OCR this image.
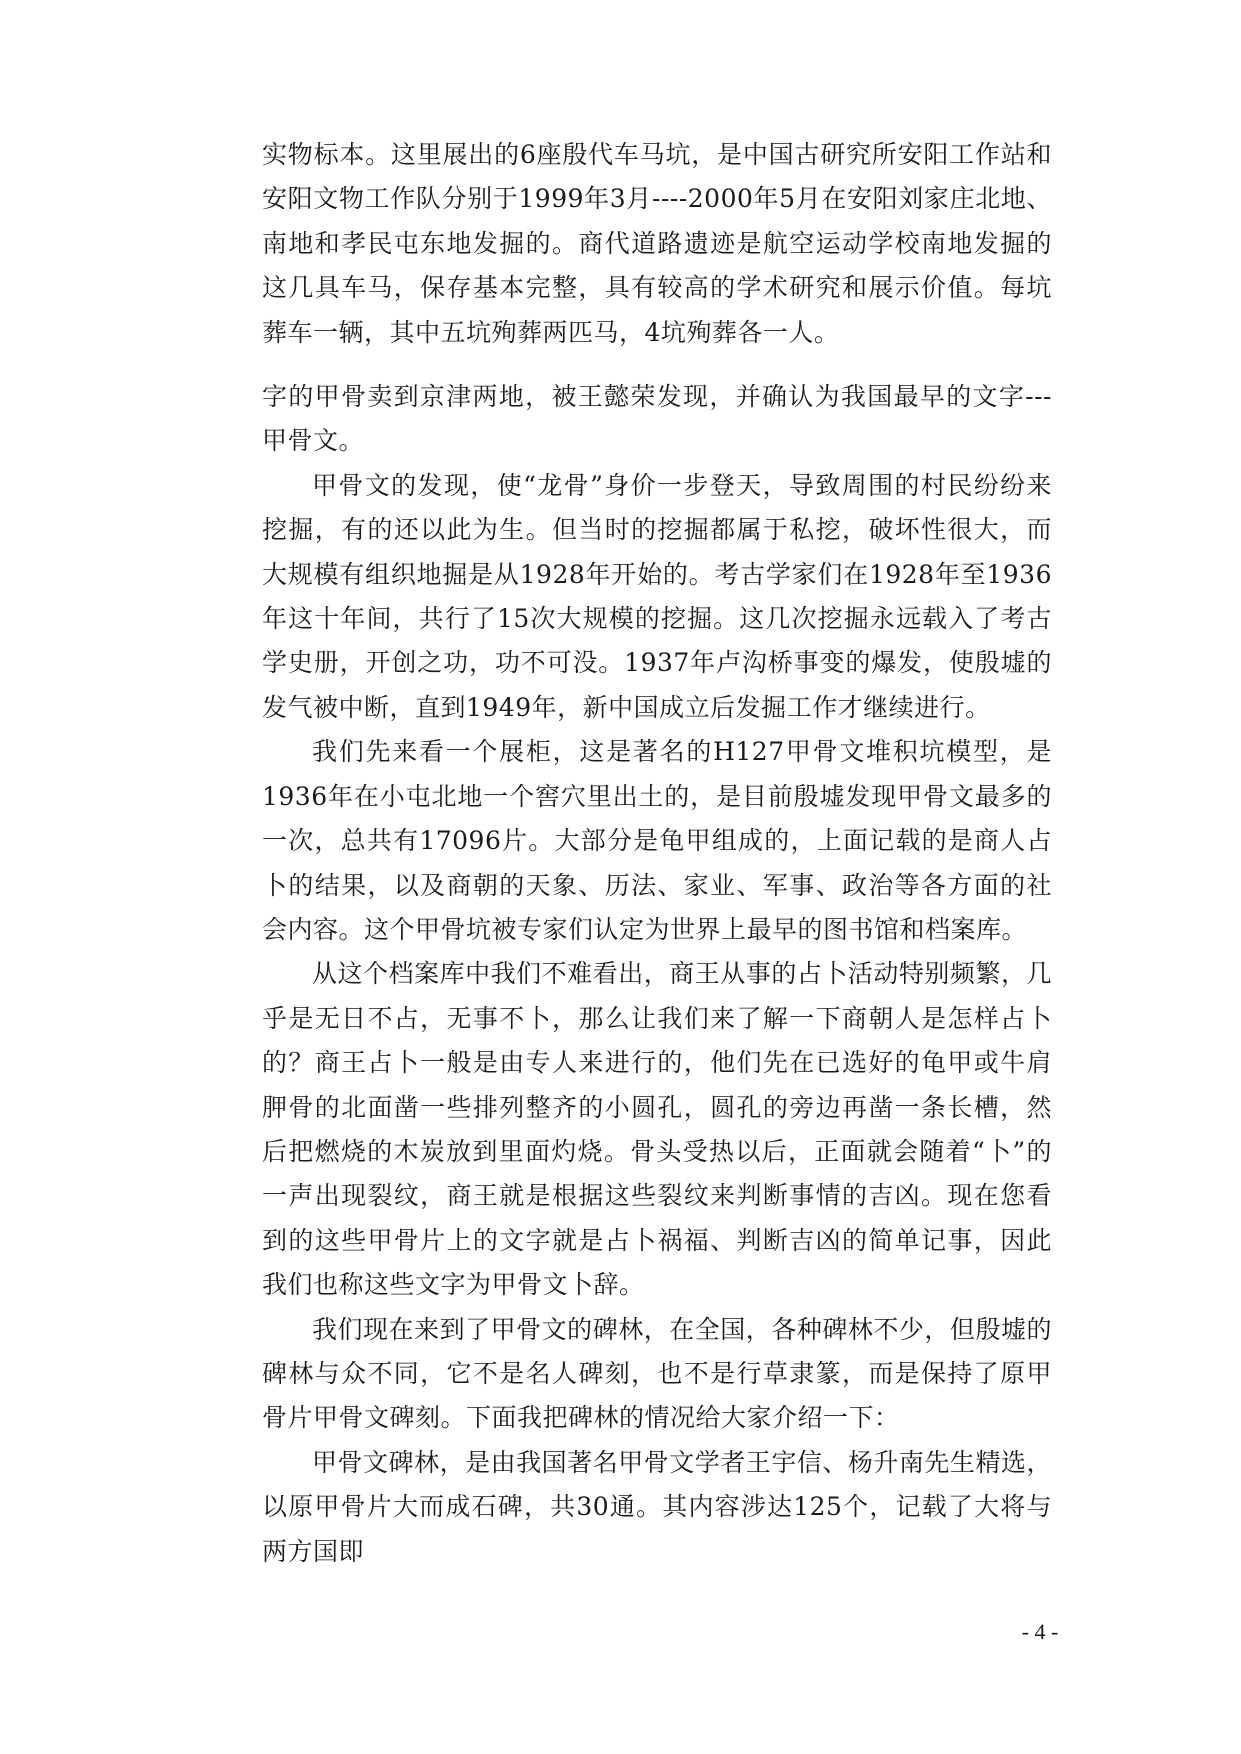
实物标本。这里展出的6座殷代车马坑，是中国古研究所安阳工作站和安阳文物工作队分别于1999年3月----2000年5月在安阳刘家庄北地、南地和孝民屯东地发掘的。商代道路遗迹是航空运动学校南地发掘的这几具车马，保存基本完整，具有较高的学术研究和展示价值。每坑葬车一辆，其中五坑殉葬两匹马，4坑殉葬各一人。

字的甲骨卖到京津两地，被王懿荣发现，并确认为我国最早的文字---甲骨文。

甲骨文的发现，使“龙骨”身价一步登天，导致周围的村民纷纷来挖掘，有的还以此为生。但当时的挖掘都属于私挖，破坏性很大，而大规模有组织地掘是从1928年开始的。考古学家们在1928年至1936年这十年间，共行了15次大规模的挖掘。这几次挖掘永远载入了考古学史册，开创之功，功不可没。1937年卢沟桥事变的爆发，使殷墟的发气被中断，直到1949年，新中国成立后发掘工作才继续进行。

我们先来看一个展柜，这是著名的H127甲骨文堆积坑模型，是1936年在小屯北地一个窖穴里出土的，是目前殷墟发现甲骨文最多的一次，总共有17096片。大部分是龟甲组成的，上面记载的是商人占卜的结果，以及商朝的天象、历法、家业、军事、政治等各方面的社会内容。这个甲骨坑被专家们认定为世界上最早的图书馆和档案库。

从这个档案库中我们不难看出，商王从事的占卜活动特别频繁，几乎是无日不占，无事不卜，那么让我们来了解一下商朝人是怎样占卜的？商王占卜一般是由专人来进行的，他们先在已选好的龟甲或牛肩胛骨的北面凿一些排列整齐的小圆孔，圆孔的旁边再凿一条长槽，然后把燃烧的木炭放到里面灼烧。骨头受热以后，正面就会随着“卜”的一声出现裂纹，商王就是根据这些裂纹来判断事情的吉凶。现在您看到的这些甲骨片上的文字就是占卜祸福、判断吉凶的简单记事，因此我们也称这些文字为甲骨文卜辞。

我们现在来到了甲骨文的碑林，在全国，各种碑林不少，但殷墟的碑林与众不同，它不是名人碑刻，也不是行草隶篆，而是保持了原甲骨片甲骨文碑刻。下面我把碑林的情况给大家介绍一下：

甲骨文碑林，是由我国著名甲骨文学者王宇信、杨升南先生精选，以原甲骨片大而成石碑，共30通。其内容涉达125个，记载了大将与两方国即

- 4 -
